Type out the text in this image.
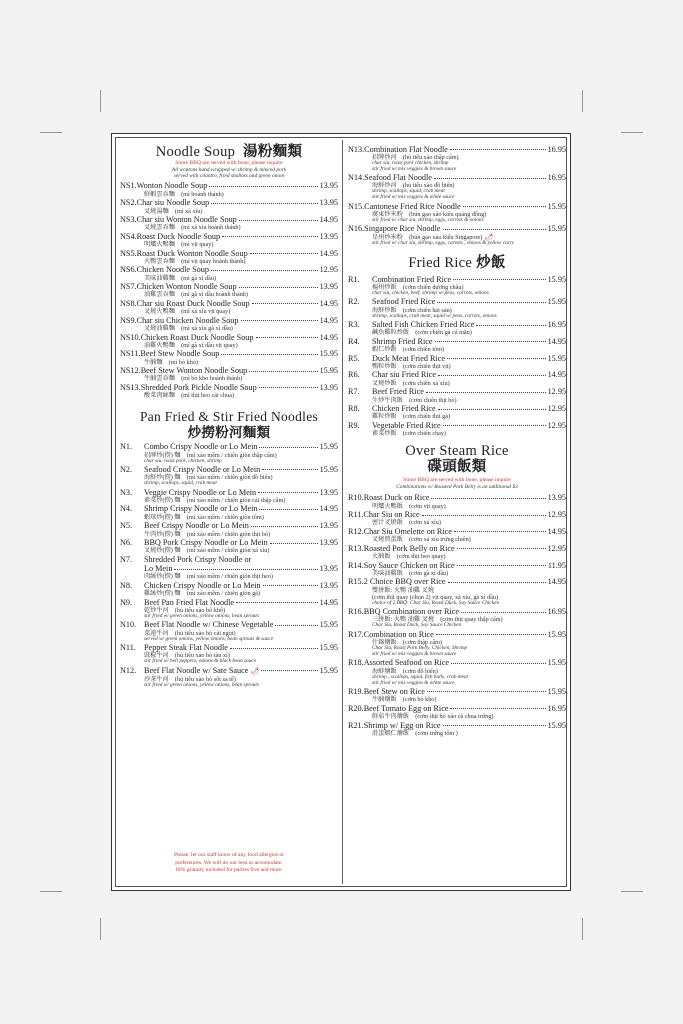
Noodle Soup 湯粉麵類
Some BBQ are served with bone, please inquire
All wontons hand wrapped w/ shrimp & minced pork
served with cilantro, fried shallots and green onion
NS1. Wonton Noodle Soup	13.95
鮮蝦雲吞麵　(mì hoành thánh)
NS2. Char siu Noodle Soup	13.95
叉燒湯麵　(mì xá xíu)
NS3. Char siu Wonton Noodle Soup	14.95
叉燒雲吞麵　(mì xá xíu hoành thánh)
NS4. Roast Duck Noodle Soup	13.95
明爐火鴨麵　(mì vịt quay)
NS5. Roast Duck Wonton Noodle Soup	14.95
火鴨雲吞麵　(mì vịt quay hoành thánh)
NS6. Chicken Noodle Soup	12.95
美味油雞麵　(mì gà xì dầu)
NS7. Chicken Wonton Noodle Soup	13.95
油雞雲吞麵　(mì gà xì dầu hoành thánh)
NS8. Char siu Roast Duck Noodle Soup	14.95
叉燒火鴨麵　(mì xá xíu vịt quay)
NS9. Char siu Chicken Noodle Soup	14.95
叉燒油雞麵　(mì xá xíu gà xì dầu)
NS10. Chicken Roast Duck Noodle Soup	14.95
油雞火鴨麵　(mì gà xì dầu vịt quay)
NS11. Beef Stew Noodle Soup	15.95
牛腩麵　(mì bò kho)
NS12. Beef Stew Wonton Noodle Soup	15.95
牛腩雲吞麵　(mì bò kho hoành thánh)
NS13. Shredded Pork Pickle Noodle Soup	13.95
酸菜肉絲麵　(mì thịt heo cải chua)
Pan Fried & Stir Fried Noodles
炒撈粉河麵類
N1.	Combo Crispy Noodle or Lo Mein	15.95
招牌炒(撈) 麵　(mì xào mềm / chiên giòn thập cẩm)
char siu, roast pork, chicken, shrimp
N2.	Seafood Crispy Noodle or Lo Mein	15.95
海鮮炒(撈) 麵　(mì xào mềm / chiên giòn đồ biển)
shrimp, scallops, squid, crab meat
N3.	Veggie Crispy Noodle or Lo Mein	13.95
素菜炒(撈) 麵　(mì xào mềm / chiên giòn cải thập cẩm)
N4.	Shrimp Crispy Noodle or Lo Mein	14.95
蝦球炒(撈) 麵　(mì xào mềm / chiên giòn tôm)
N5.	Beef Crispy Noodle or Lo Mein	13.95
牛肉炒(撈) 麵　(mì xào mềm / chiên giòn thịt bò)
N6.	BBQ Pork Crispy Noodle or Lo Mein	13.95
叉燒炒(撈) 麵　(mì xào mềm / chiên giòn xá xíu)
N7.	Shredded Pork Crispy Noodle or
Lo Mein	13.95
肉絲炒(撈) 麵　(mì xào mềm / chiên giòn thịt heo)
N8.	Chicken Crispy Noodle or Lo Mein	13.95
雞絲炒(撈) 麵　(mì xào mềm / chiên giòn gà)
N9.	Beef Pan Fried Flat Noodle	14.95
乾炒牛河　(hủ tiếu xào bò khô)
stir fried w/ green onions, yellow onions, bean sprouts
N10. Beef Flat Noodle w/ Chinese Vegetable	15.95
菜遠牛河　(hủ tiếu xào bò cải ngọt)
served w/ green onions, yellow onions, bean sprouts & sauce
N11. Pepper Steak Flat Noodle	15.95
豉椒牛河　(hủ tiếu xào bò tàu xì)
stir fried w/ bell peppers, onions & black bean sauce
N12. Beef Flat Noodle w/ Sate Sauce 🌶	15.95
沙茶牛河　(hủ tiếu xào bò sốt sa tế)
stir fried w/ green onions, yellow onions, bean sprouts
Please, let our staff know of any food allergies or
preferences. We will do our best to accomodate.
18% gratuity included for parties five and more.
N13. Combination Flat Noodle	16.95
招牌炒河　(hủ tiếu xào thập cẩm)
char siu, roast pork chicken, shrimp
stir fried w/ mix veggies & brown sauce
N14. Seafood Flat Noodle	16.95
海鮮炒河　(hủ tiếu xào đồ biển)
shrimp, scallops, squid, crab meat
stir fried w/ mix veggies & white sauce
N15. Cantonese Fried Rice Noodle	15.95
廣東炒米粉　(bún gạo xào kiểu quảng đông)
stir fried w/ char siu, shrimp, eggs, carrots & onions
N16. Singapore Rice Noodle	15.95
星州炒米粉　(bún gạo xào kiểu Singapore) 🌶
stir fried w/ char siu, shrimp, eggs, carrots , onions & yellow curry
Fried Rice 炒飯
R1.	Combination Fried Rice	15.95
楊州炒飯　(cơm chiên dương châu)
char siu, chicken, beef, shrimp w/ peas, carrots, onions
R2.	Seafood Fried Rice	15.95
海鮮炒飯　(cơm chiên hải sản)
shrimp, scallops, crab meat, squid w/ peas, carrots, onions
R3.	Salted Fish Chicken Fried Rice	16.95
鹹魚雞粒炒飯　(cơm chiên gà cá mặn)
R4.	Shrimp Fried Rice	14.95
蝦仁炒飯　(cơm chiên tôm)
R5.	Duck Meat Fried Rice	15.95
鴨粒炒飯　(cơm chiên thịt vịt)
R6.	Char siu Fried Rice	14.95
叉燒炒飯　(cơm chiên xá xíu)
R7.	Beef Fried Rice	12.95
生炒牛肉飯　(cơm chiên thịt bò)
R8.	Chicken Fried Rice	12.95
雞粒炒飯　(cơm chiên thịt gà)
R9.	Vegetable Fried Rice	12.95
素菜炒飯　(cơm chiên chay)
Over Steam Rice
碟頭飯類
Some BBQ are served with bone, please inquire
Combinations w/ Roasted Pork Belly is an additional $3
R10. Roast Duck on Rice	13.95
明爐火鴨飯　(cơm vịt quay)
R11. Char Siu on Rice	12.95
密汁叉燒飯　(cơm xá xíu)
R12. Char Siu Omelette on Rice	14.95
叉燒煎蛋飯　(cơm xá xíu trứng chiên)
R13. Roasted Pork Belly on Rice	12.95
火腩飯　(cơm thịt heo quay)
R14. Soy Sauce Chicken on Rice	11.95
美味油雞飯　(cơm gà xì dầu)
R15. 2 Choice BBQ over Rice	14.95
雙拼飯: 火鴨 油雞 叉燒
(cơm thịt quay (chọn 2) vịt quay, xá xíu, gà xì dầu)
choice of 2 BBQ: Char Siu, Roast Duck, Soy Sauce Chicken
R16. BBQ Combination over Rice	16.95
三拼飯: 火鴨 油雞 叉燒　(cơm thịt quay thập cẩm)
Char Siu, Roast Duck, Soy Sauce Chicken
R17. Combination on Rice	15.95
什錦燴飯　(cơm thập cẩm)
Char Siu, Roast Pork Belly, Chicken, Shrimp
stir fried w/ mix veggies & brown sauce
R18. Assorted Seafood on Rice	15.95
海鮮燴飯　(cơm đồ biển)
shrimp , scallops, squid, fish balls, crab meat
stir fried w/ mix veggies & white sauce
R19. Beef Stew on Rice	15.95
牛腩燴飯　(cơm bò kho)
R20. Beef Tomato Egg on Rice	16.95
鮮茄牛肉燴飯　(cơm thịt bò xào cà chua trứng)
R21. Shrimp w/ Egg on Rice	15.95
滑蛋蝦仁燴飯　(cơm trứng tôm )
